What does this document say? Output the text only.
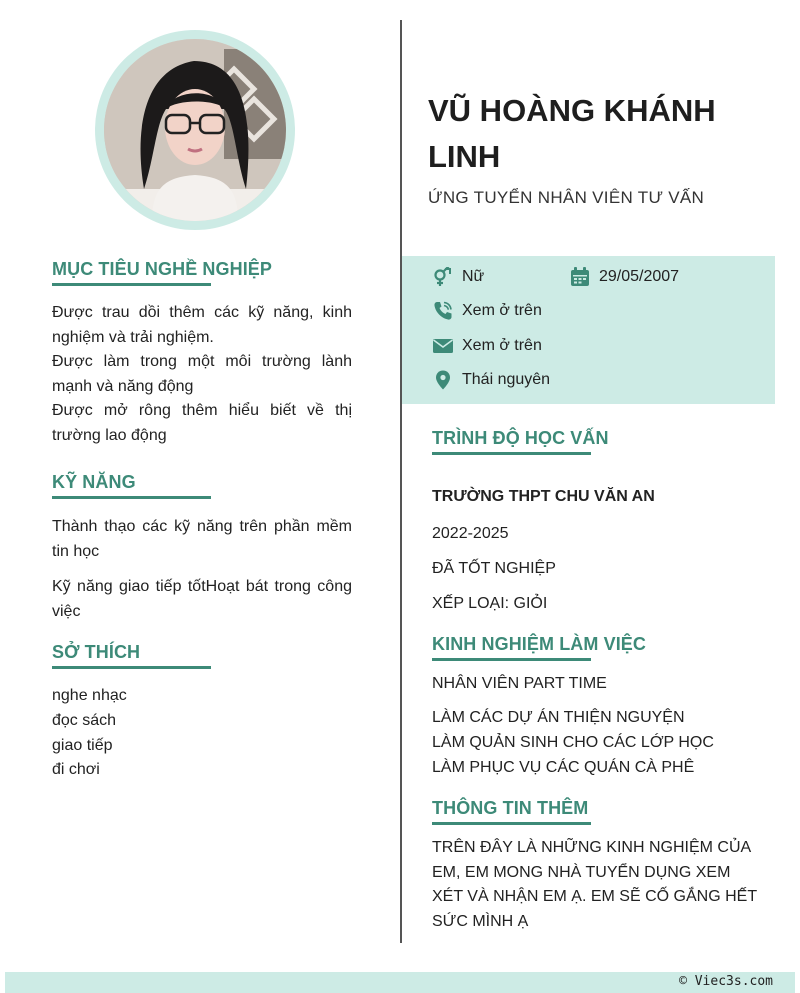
MỤC TIÊU NGHỀ NGHIỆP

Được trau dồi thêm các kỹ năng, kinh nghiệm và trải nghiệm.

Được làm trong một môi trường lành mạnh và năng động

Được mở rông thêm hiểu biết về thị trường lao động

KỸ NĂNG

Thành thạo các kỹ năng trên phần mềm tin học

Kỹ năng giao tiếp tốtHoạt bát trong công việc

SỞ THÍCH
nghe nhạc
đọc sách
giao tiếp
đi chơi
VŨ HOÀNG KHÁNH
LINH
ỨNG TUYỂN NHÂN VIÊN TƯ VẤN
Nữ	29/05/2007
Xem ở trên
Xem ở trên
Thái nguyên
TRÌNH ĐỘ HỌC VẤN
TRƯỜNG THPT CHU VĂN AN
2022-2025
ĐÃ TỐT NGHIỆP
XẾP LOẠI: GIỎI
KINH NGHIỆM LÀM VIỆC
NHÂN VIÊN PART TIME
LÀM CÁC DỰ ÁN THIỆN NGUYỆN
LÀM QUẢN SINH CHO CÁC LỚP HỌC
LÀM PHỤC VỤ CÁC QUÁN CÀ PHÊ
THÔNG TIN THÊM
TRÊN ĐÂY LÀ NHỮNG KINH NGHIỆM CỦA
EM, EM MONG NHÀ TUYỂN DỤNG XEM
XÉT VÀ NHẬN EM Ạ. EM SẼ CỐ GẮNG HẾT
SỨC MÌNH Ạ
© Viec3s.com
